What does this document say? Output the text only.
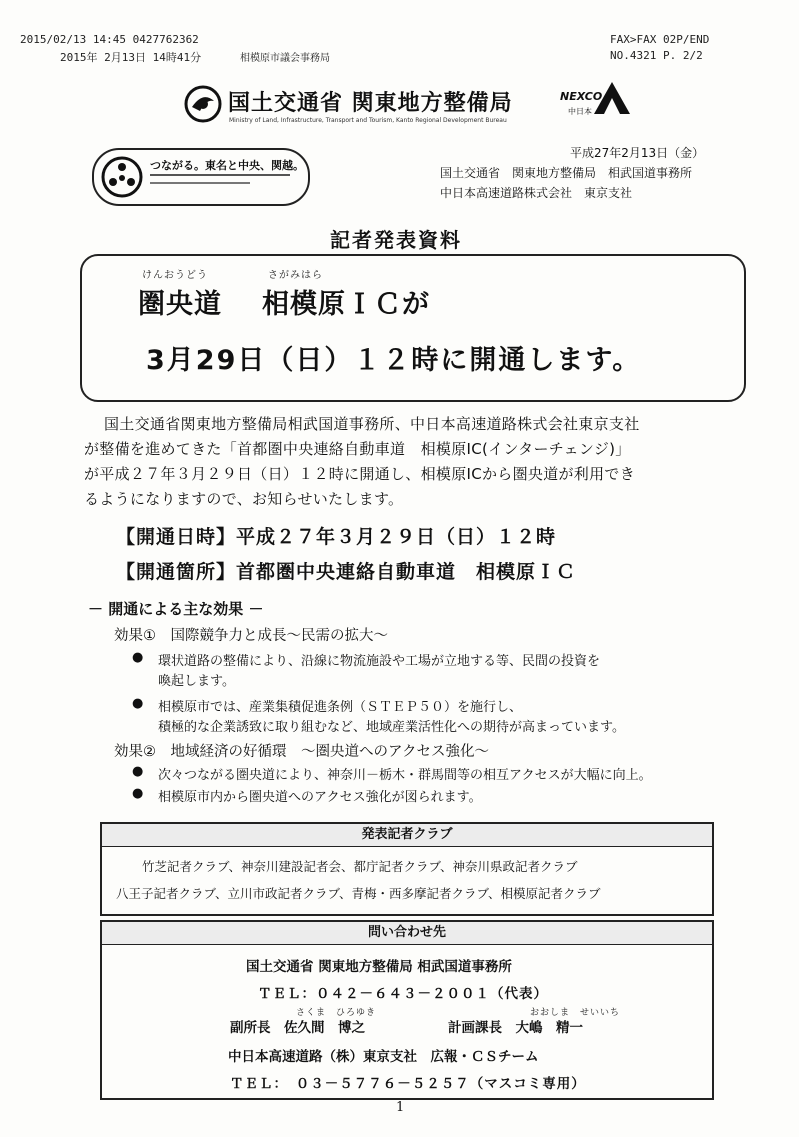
2015/02/13 14:45 0427762362	FAX>FAX 02P/END
2015年 2月13日 14時41分	相模原市議会事務局	NO.4321 P. 2/2
国土交通省 関東地方整備局
Ministry of Land, Infrastructure, Transport and Tourism, Kanto Regional Development Bureau
NEXCO
中日本
つながる。東名と中央、関越。
平成27年2月13日（金）
国土交通省　関東地方整備局　相武国道事務所
中日本高速道路株式会社　東京支社
記者発表資料
けんおうどう	さがみはら
圏央道 相模原ＩＣが
3月29日（日）１２時に開通します。
国土交通省関東地方整備局相武国道事務所、中日本高速道路株式会社東京支社
が整備を進めてきた「首都圏中央連絡自動車道　相模原IC(インターチェンジ)」
が平成２７年３月２９日（日）１２時に開通し、相模原ICから圏央道が利用でき
るようになりますので、お知らせいたします。
【開通日時】平成２７年３月２９日（日）１２時
【開通箇所】首都圏中央連絡自動車道　相模原ＩＣ
－ 開通による主な効果 －
効果①　国際競争力と成長～民需の拡大～
● 環状道路の整備により、沿線に物流施設や工場が立地する等、民間の投資を
喚起します。
● 相模原市では、産業集積促進条例（ＳＴＥＰ５０）を施行し、
積極的な企業誘致に取り組むなど、地域産業活性化への期待が高まっています。
効果②　地域経済の好循環　～圏央道へのアクセス強化～
● 次々つながる圏央道により、神奈川－栃木・群馬間等の相互アクセスが大幅に向上。
● 相模原市内から圏央道へのアクセス強化が図られます。
発表記者クラブ
竹芝記者クラブ、神奈川建設記者会、都庁記者クラブ、神奈川県政記者クラブ
八王子記者クラブ、立川市政記者クラブ、青梅・西多摩記者クラブ、相模原記者クラブ
問い合わせ先
国土交通省 関東地方整備局 相武国道事務所
ＴＥＬ：０４２－６４３－２００１（代表）
さくま　ひろゆき	おおしま　せいいち
副所長　佐久間　博之	計画課長　大嶋　精一
中日本高速道路（株）東京支社　広報・ＣＳチーム
ＴＥＬ：　０３－５７７６－５２５７（マスコミ専用）
1
